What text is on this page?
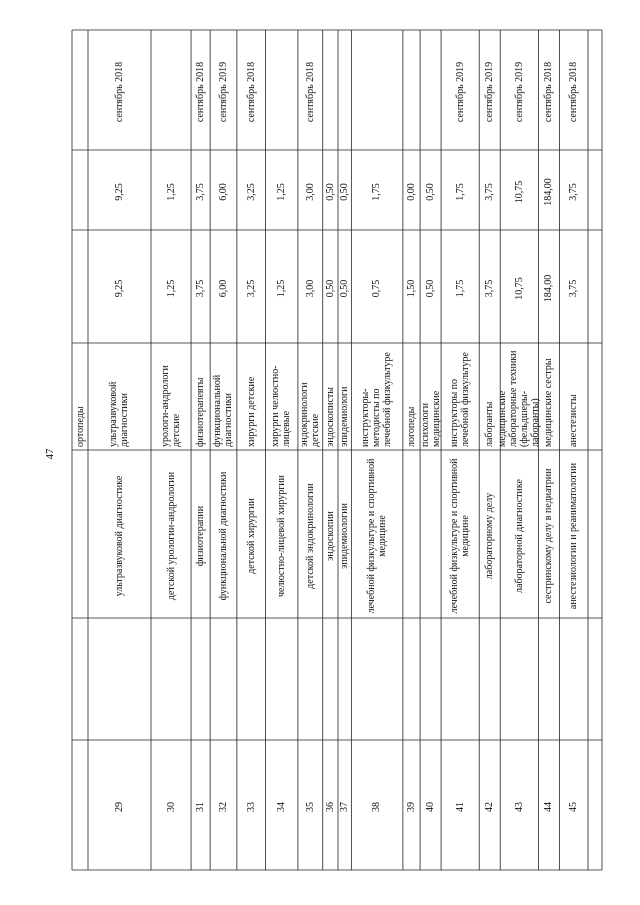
47
ортопеды
29
ультразвуковой диагностике
ультразвуковой диагностики
9,25
9,25
сентябрь 2018
30
детской урологии-андрологии
урологи-андрологи детские
1,25
1,25
31
физиотерапии
физиотерапевты
3,75
3,75
сентябрь 2018
32
функциональной диагностики
функциональной диагностики
6,00
6,00
сентябрь 2019
33
детской хирургии
хирурги детские
3,25
3,25
сентябрь 2018
34
челюстно-лицевой хирургии
хирурги челюстно-лицевые
1,25
1,25
35
детской эндокринологии
эндокринологи детские
3,00
3,00
сентябрь 2018
36
эндоскопии
эндоскописты
0,50
0,50
37
эпидемиологии
эпидемиологи
0,50
0,50
38
лечебной физкультуре и спортивной медицине
инструкторы-методисты по лечебной физкультуре
0,75
1,75
39
логопеды
1,50
0,00
40
психологи медицинские
0,50
0,50
41
лечебной физкультуре и спортивной медицине
инструкторы по лечебной физкультуре
1,75
1,75
сентябрь 2019
42
лабораторному делу
лаборанты
3,75
3,75
сентябрь 2019
43
лабораторной диагностике
медицинские лабораторные техники (фельдшеры-лаборанты)
10,75
10,75
сентябрь 2019
44
сестринскому делу в педиатрии
медицинские сестры
184,00
184,00
сентябрь 2018
45
анестезиологии и реаниматологии
анестезисты
3,75
3,75
сентябрь 2018
